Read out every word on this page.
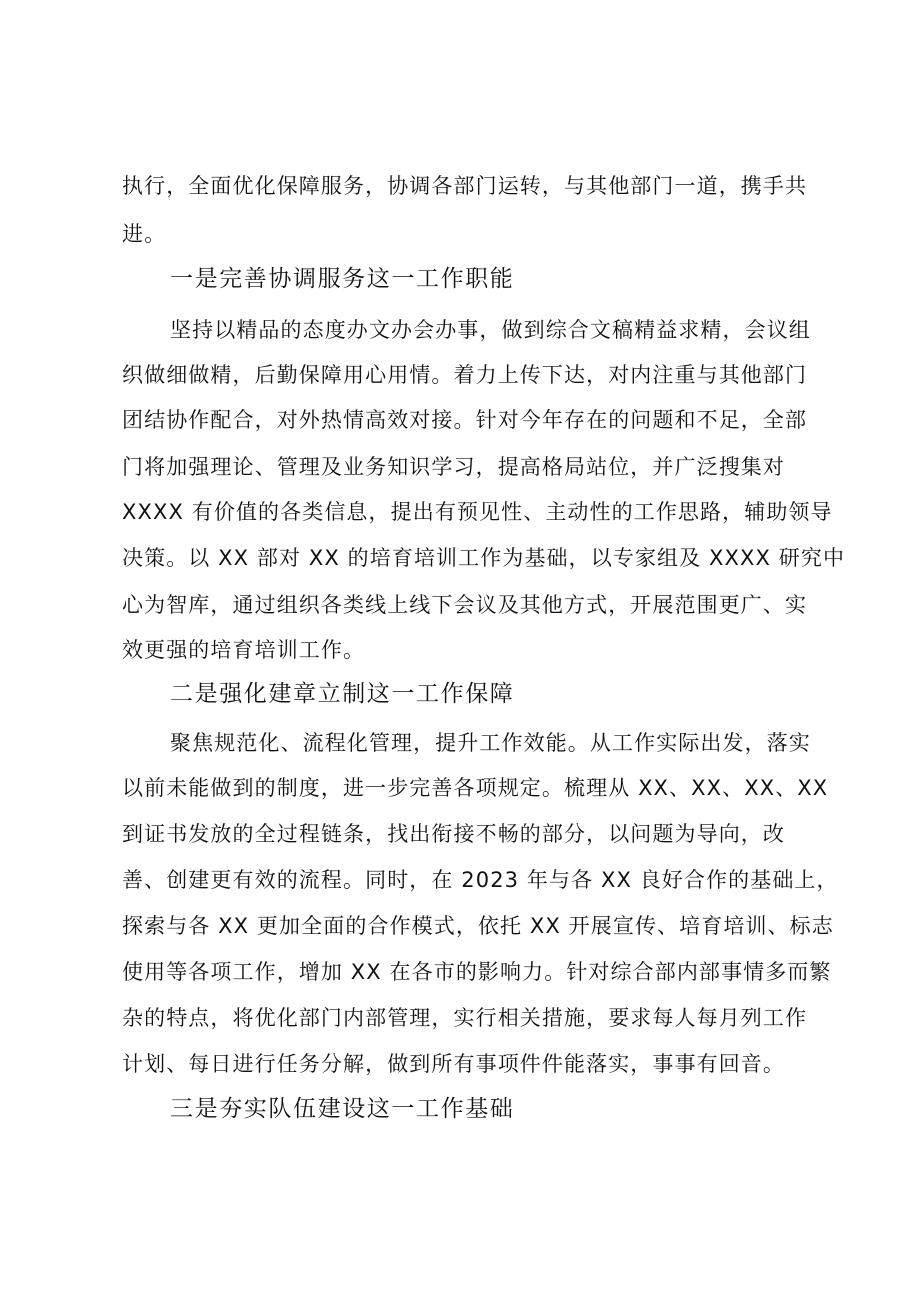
执行，全面优化保障服务，协调各部门运转，与其他部门一道，携手共
进。
一是完善协调服务这一工作职能
坚持以精品的态度办文办会办事，做到综合文稿精益求精，会议组
织做细做精，后勤保障用心用情。着力上传下达，对内注重与其他部门
团结协作配合，对外热情高效对接。针对今年存在的问题和不足，全部
门将加强理论、管理及业务知识学习，提高格局站位，并广泛搜集对
XXXX 有价值的各类信息，提出有预见性、主动性的工作思路，辅助领导
决策。以 XX 部对 XX 的培育培训工作为基础，以专家组及 XXXX 研究中
心为智库，通过组织各类线上线下会议及其他方式，开展范围更广、实
效更强的培育培训工作。
二是强化建章立制这一工作保障
聚焦规范化、流程化管理，提升工作效能。从工作实际出发，落实
以前未能做到的制度，进一步完善各项规定。梳理从 XX、XX、XX、XX
到证书发放的全过程链条，找出衔接不畅的部分，以问题为导向，改
善、创建更有效的流程。同时，在 2023 年与各 XX 良好合作的基础上，
探索与各 XX 更加全面的合作模式，依托 XX 开展宣传、培育培训、标志
使用等各项工作，增加 XX 在各市的影响力。针对综合部内部事情多而繁
杂的特点，将优化部门内部管理，实行相关措施，要求每人每月列工作
计划、每日进行任务分解，做到所有事项件件能落实，事事有回音。
三是夯实队伍建设这一工作基础
